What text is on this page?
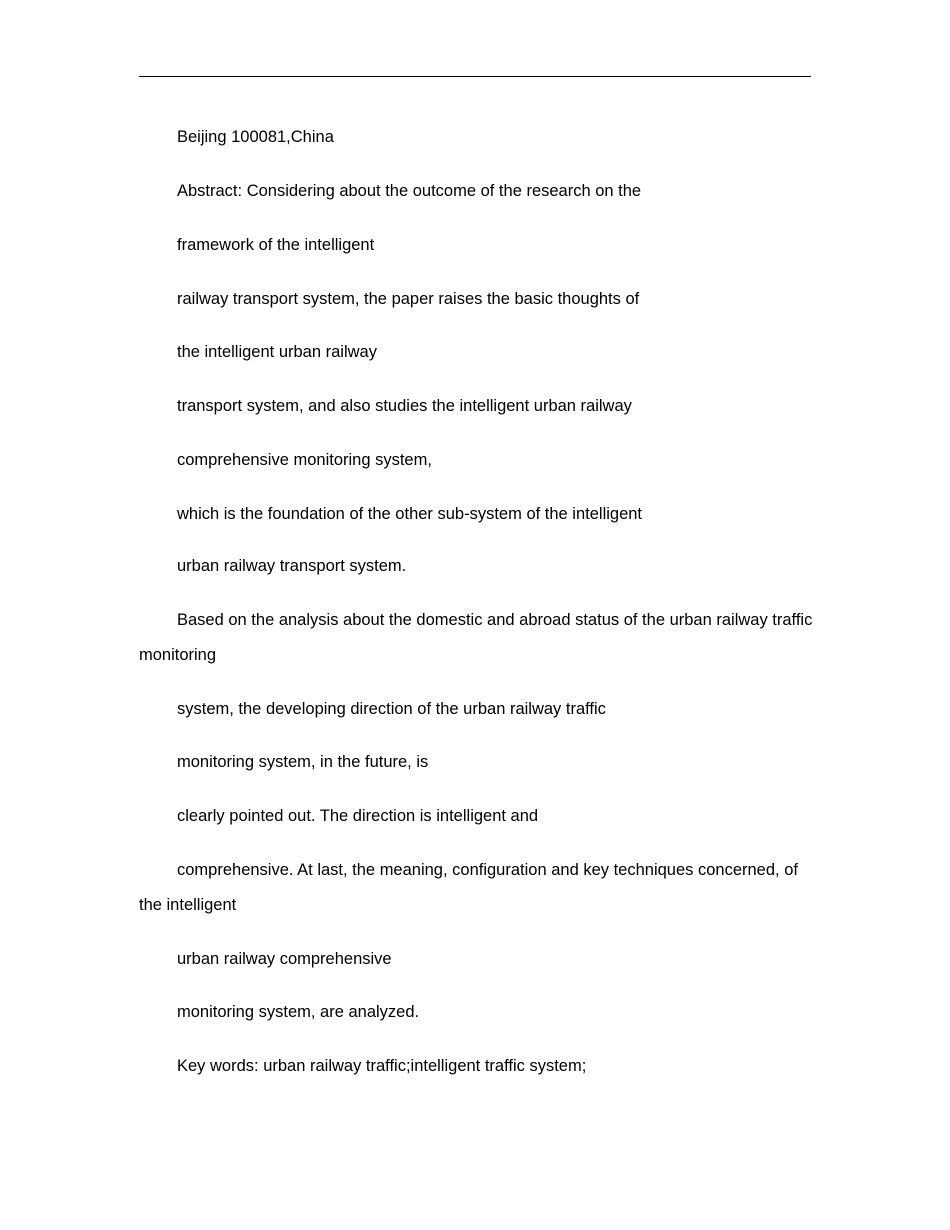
Beijing 100081,China

Abstract: Considering about the outcome of the research on the

framework of the intelligent

railway transport system, the paper raises the basic thoughts of

the intelligent urban railway

transport system, and also studies the intelligent urban railway

comprehensive monitoring system,

which is the foundation of the other sub-system of the intelligent

urban railway transport system.

Based on the analysis about the domestic and abroad status of the urban railway traffic monitoring

system, the developing direction of the urban railway traffic

monitoring system, in the future, is

clearly pointed out. The direction is intelligent and

comprehensive. At last, the meaning, configuration and key techniques concerned, of the intelligent

urban railway comprehensive

monitoring system, are analyzed.

Key words: urban railway traffic;intelligent traffic system;
